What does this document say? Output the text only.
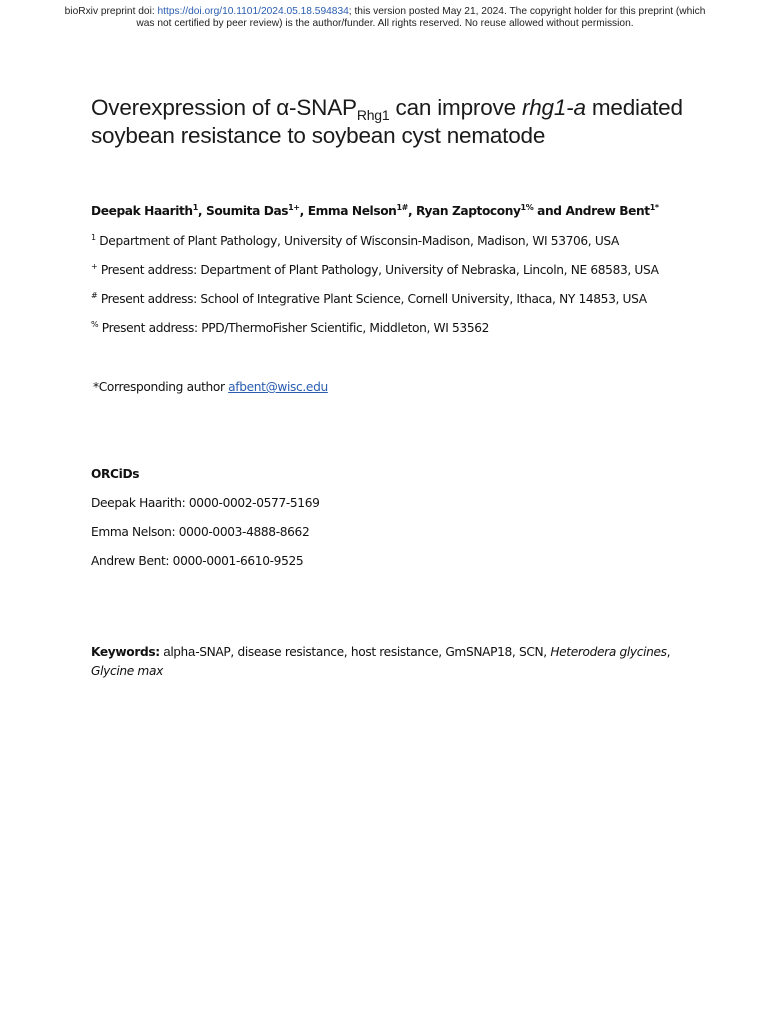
bioRxiv preprint doi: https://doi.org/10.1101/2024.05.18.594834; this version posted May 21, 2024. The copyright holder for this preprint (which
was not certified by peer review) is the author/funder. All rights reserved. No reuse allowed without permission.
Overexpression of $\alpha-SNAP_{Rhg1}$ can improve rhg1-a mediated
soybean resistance to soybean cyst nematode
Deepak Haarith$^1$, Soumita Das$^{1+}$, Emma Nelson$^{1\#}$, Ryan Zaptocony$^{1\%}$ and Andrew Bent$^{1*}$
$^1$ Department of Plant Pathology, University of Wisconsin-Madison, Madison, WI 53706, USA
+ Present address: Department of Plant Pathology, University of Nebraska, Lincoln, NE 68583, USA
# Present address: School of Integrative Plant Science, Cornell University, Ithaca, NY 14853, USA
% Present address: PPD/ThermoFisher Scientific, Middleton, WI 53562
*Corresponding author afbent@wisc.edu
ORCiDs
Deepak Haarith: 0000-0002-0577-5169
Emma Nelson: 0000-0003-4888-8662
Andrew Bent: 0000-0001-6610-9525
Keywords: alpha-SNAP, disease resistance, host resistance, GmSNAP18, SCN, Heterodera glycines, Glycine max
